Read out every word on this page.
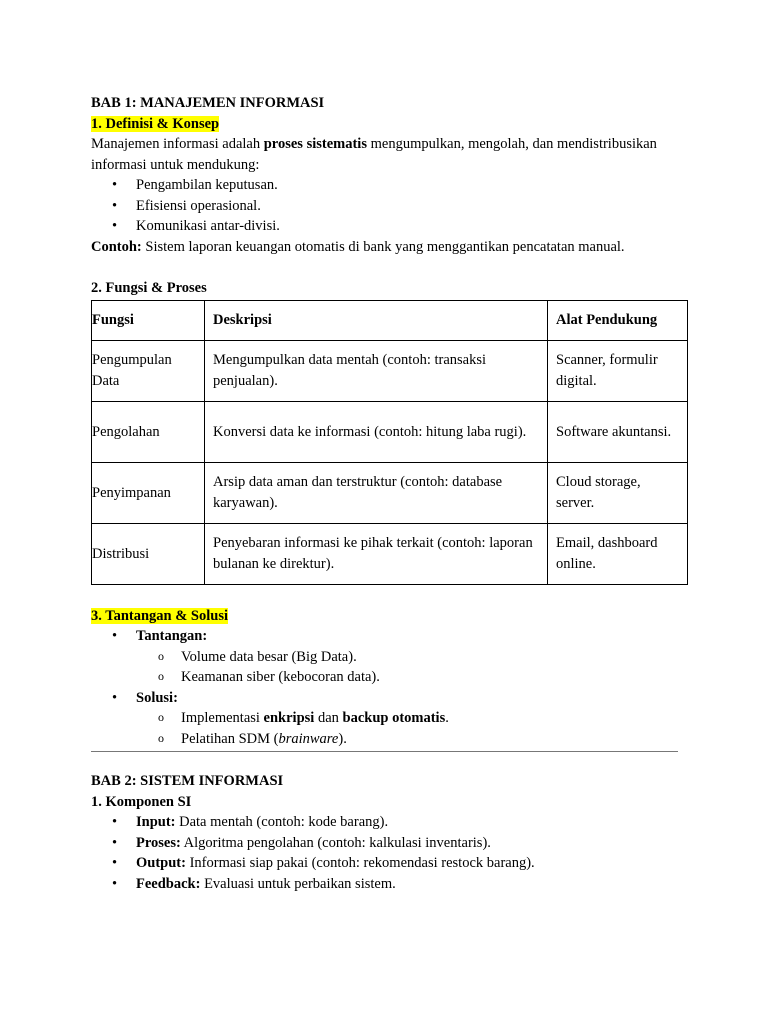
BAB 1: MANAJEMEN INFORMASI
1. Definisi & Konsep
Manajemen informasi adalah proses sistematis mengumpulkan, mengolah, dan mendistribusikan informasi untuk mendukung:
• Pengambilan keputusan.
• Efisiensi operasional.
• Komunikasi antar-divisi.
Contoh: Sistem laporan keuangan otomatis di bank yang menggantikan pencatatan manual.
2. Fungsi & Proses
Fungsi	Deskripsi	Alat Pendukung
Pengumpulan Data	Mengumpulkan data mentah (contoh: transaksi penjualan).	Scanner, formulir digital.
Pengolahan	Konversi data ke informasi (contoh: hitung laba rugi).	Software akuntansi.
Penyimpanan	Arsip data aman dan terstruktur (contoh: database karyawan).	Cloud storage, server.
Distribusi	Penyebaran informasi ke pihak terkait (contoh: laporan bulanan ke direktur).	Email, dashboard online.
3. Tantangan & Solusi
• Tantangan:
o Volume data besar (Big Data).
o Keamanan siber (kebocoran data).
• Solusi:
o Implementasi enkripsi dan backup otomatis.
o Pelatihan SDM (brainware).
BAB 2: SISTEM INFORMASI
1. Komponen SI
• Input: Data mentah (contoh: kode barang).
• Proses: Algoritma pengolahan (contoh: kalkulasi inventaris).
• Output: Informasi siap pakai (contoh: rekomendasi restock barang).
• Feedback: Evaluasi untuk perbaikan sistem.
